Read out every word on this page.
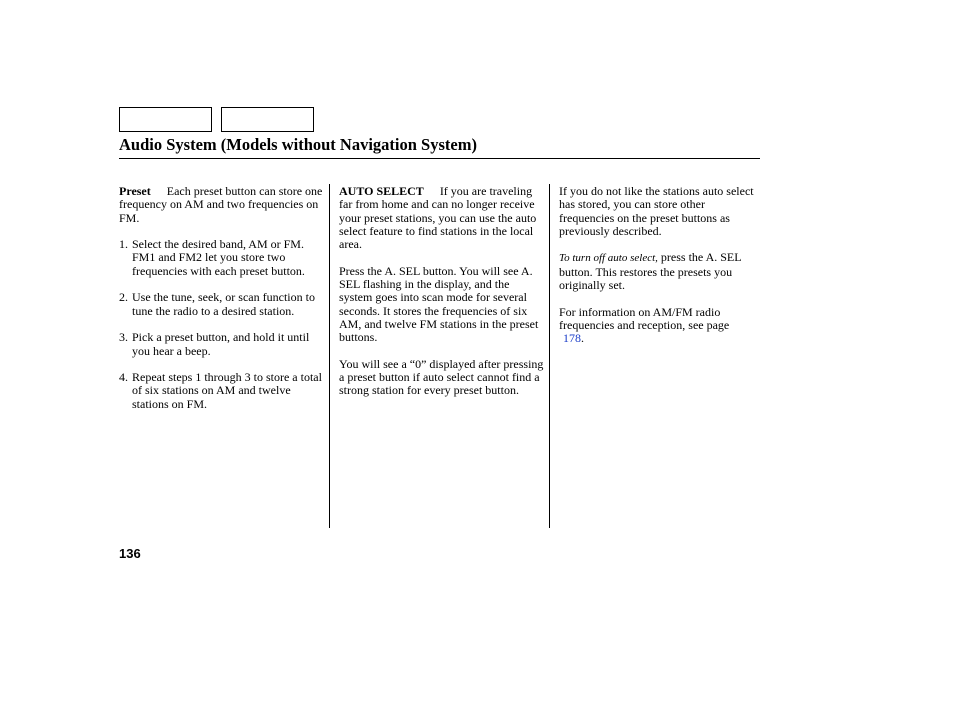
Audio System (Models without Navigation System)

Preset Each preset button can store one frequency on AM and two frequencies on FM.

1. Select the desired band, AM or FM. FM1 and FM2 let you store two frequencies with each preset button.
2. Use the tune, seek, or scan function to tune the radio to a desired station.
3. Pick a preset button, and hold it until you hear a beep.
4. Repeat steps 1 through 3 to store a total of six stations on AM and twelve stations on FM.

AUTO SELECT If you are traveling far from home and can no longer receive your preset stations, you can use the auto select feature to find stations in the local area.

Press the A. SEL button. You will see A. SEL flashing in the display, and the system goes into scan mode for several seconds. It stores the frequencies of six AM, and twelve FM stations in the preset buttons.

You will see a “0” displayed after pressing a preset button if auto select cannot find a strong station for every preset button.

If you do not like the stations auto select has stored, you can store other frequencies on the preset buttons as previously described.

To turn off auto select, press the A. SEL button. This restores the presets you originally set.

For information on AM/FM radio frequencies and reception, see page
178.

136
